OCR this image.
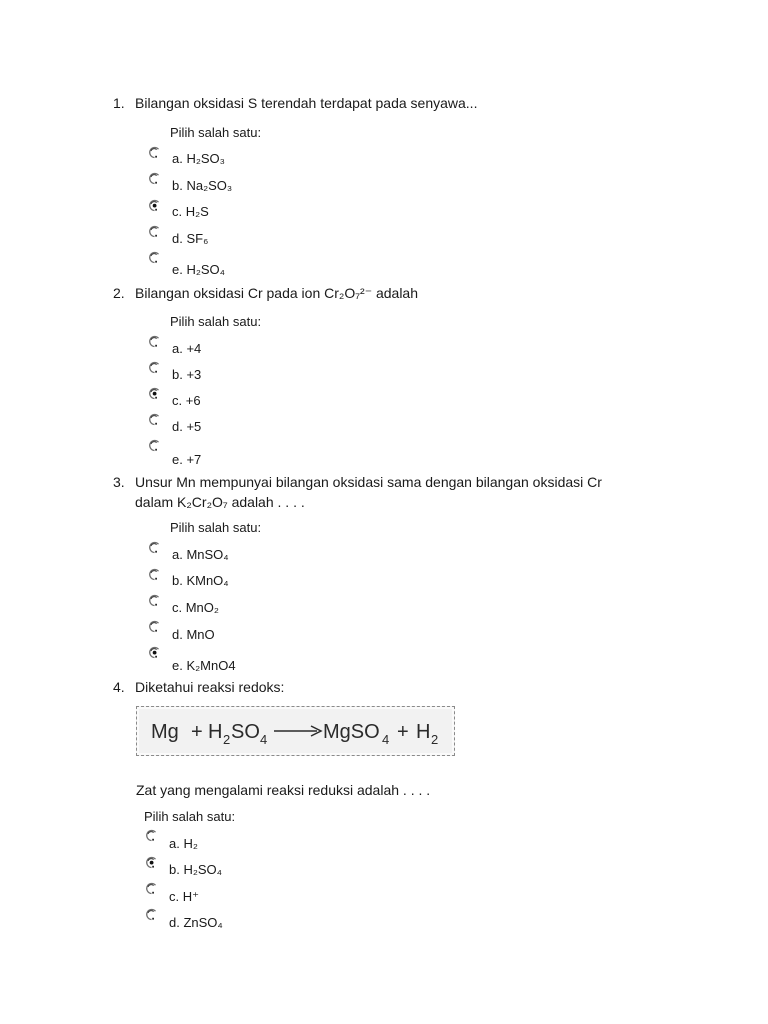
1. Bilangan oksidasi S terendah terdapat pada senyawa...
Pilih salah satu:
a. H₂SO₃
b. Na₂SO₃
c. H₂S
d. SF₆
e. H₂SO₄
2. Bilangan oksidasi Cr pada ion Cr₂O₇²⁻ adalah
Pilih salah satu:
a. +4
b. +3
c. +6
d. +5
e. +7
3. Unsur Mn mempunyai bilangan oksidasi sama dengan bilangan oksidasi Cr
dalam K₂Cr₂O₇ adalah . . . .
Pilih salah satu:
a. MnSO₄
b. KMnO₄
c. MnO₂
d. MnO
e. K₂MnO4
4. Diketahui reaksi redoks:
Mg + H 2 SO 4	MgSO 4 + H 2
Zat yang mengalami reaksi reduksi adalah . . . .
Pilih salah satu:
a. H₂
b. H₂SO₄
c. H⁺
d. ZnSO₄
